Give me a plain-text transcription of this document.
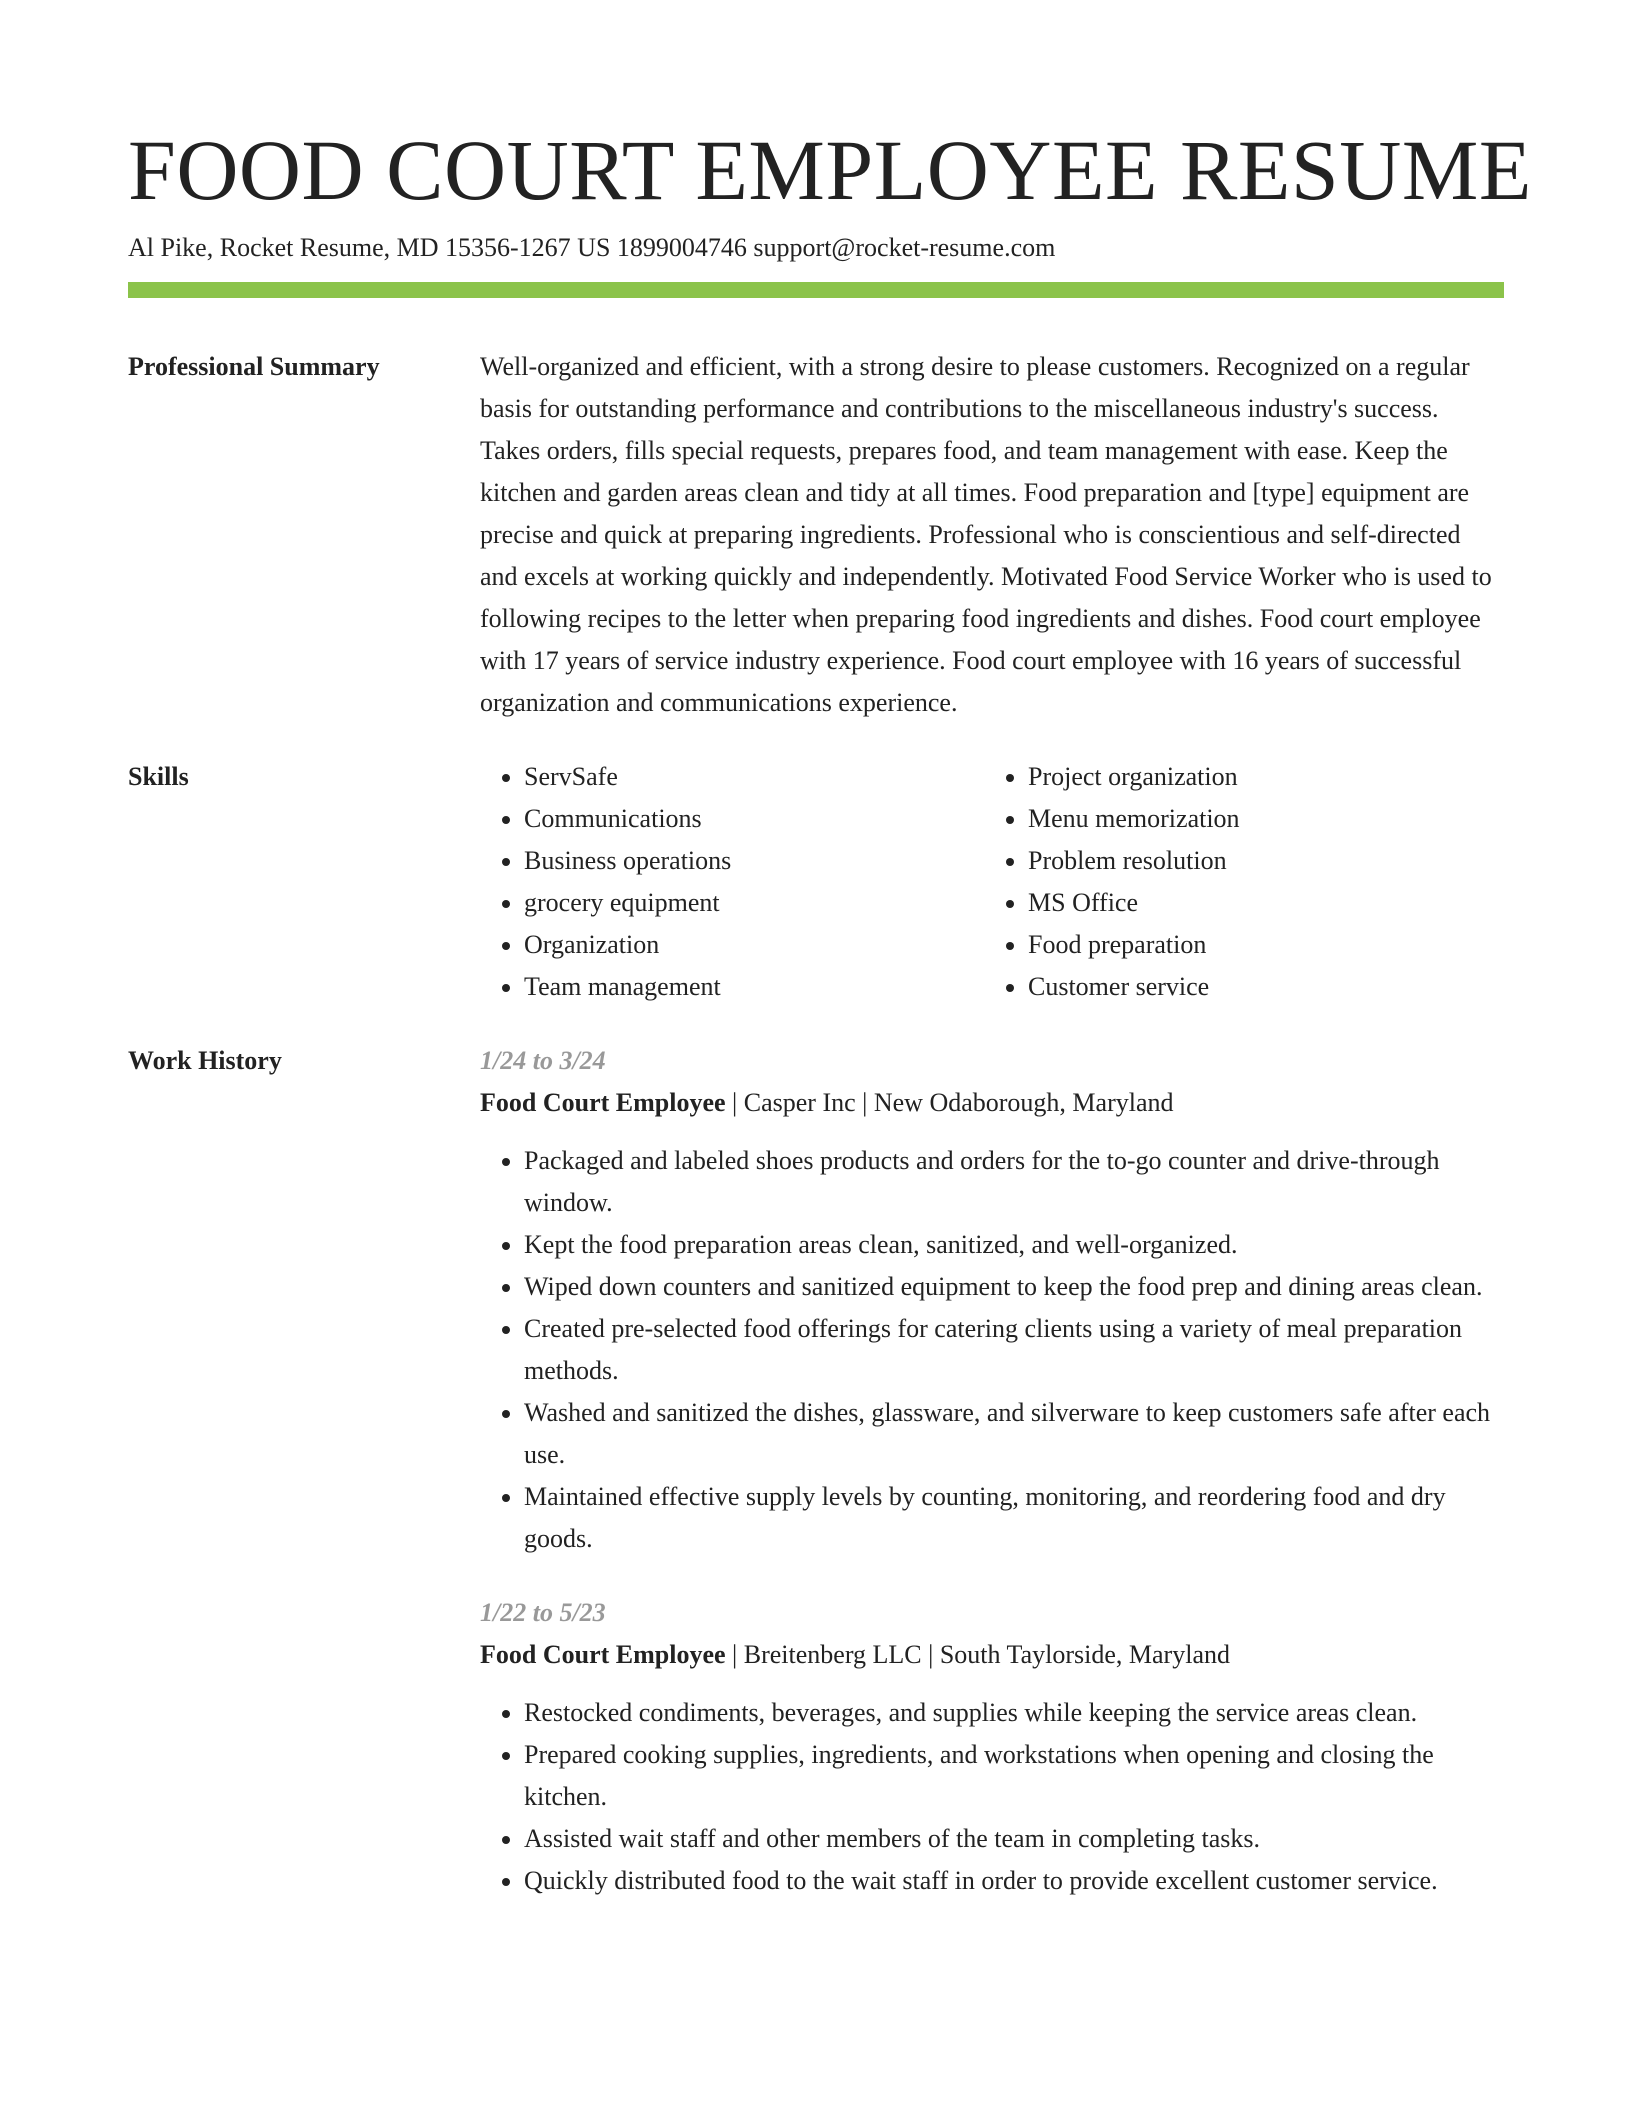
FOOD COURT EMPLOYEE RESUME
Al Pike, Rocket Resume, MD 15356-1267 US 1899004746 support@rocket-resume.com
Professional Summary	Well-organized and efficient, with a strong desire to please customers. Recognized on a regular basis for outstanding performance and contributions to the miscellaneous industry's success. Takes orders, fills special requests, prepares food, and team management with ease. Keep the kitchen and garden areas clean and tidy at all times. Food preparation and [type] equipment are precise and quick at preparing ingredients. Professional who is conscientious and self-directed and excels at working quickly and independently. Motivated Food Service Worker who is used to following recipes to the letter when preparing food ingredients and dishes. Food court employee with 17 years of service industry experience. Food court employee with 16 years of successful organization and communications experience.
Skills
•	ServSafe
• Communications
• Business operations
• grocery equipment
• Organization
• Team management
• Project organization
• Menu memorization
• Problem resolution
• MS Office
• Food preparation
• Customer service
Work History	1/24 to 3/24
Food Court Employee | Casper Inc | New Odaborough, Maryland
• Packaged and labeled shoes products and orders for the to-go counter and drive-through window.
• Kept the food preparation areas clean, sanitized, and well-organized.
• Wiped down counters and sanitized equipment to keep the food prep and dining areas clean.
• Created pre-selected food offerings for catering clients using a variety of meal preparation methods.
• Washed and sanitized the dishes, glassware, and silverware to keep customers safe after each use.
• Maintained effective supply levels by counting, monitoring, and reordering food and dry goods.
1/22 to 5/23
Food Court Employee | Breitenberg LLC | South Taylorside, Maryland
• Restocked condiments, beverages, and supplies while keeping the service areas clean.
• Prepared cooking supplies, ingredients, and workstations when opening and closing the kitchen.
• Assisted wait staff and other members of the team in completing tasks.
• Quickly distributed food to the wait staff in order to provide excellent customer service.
